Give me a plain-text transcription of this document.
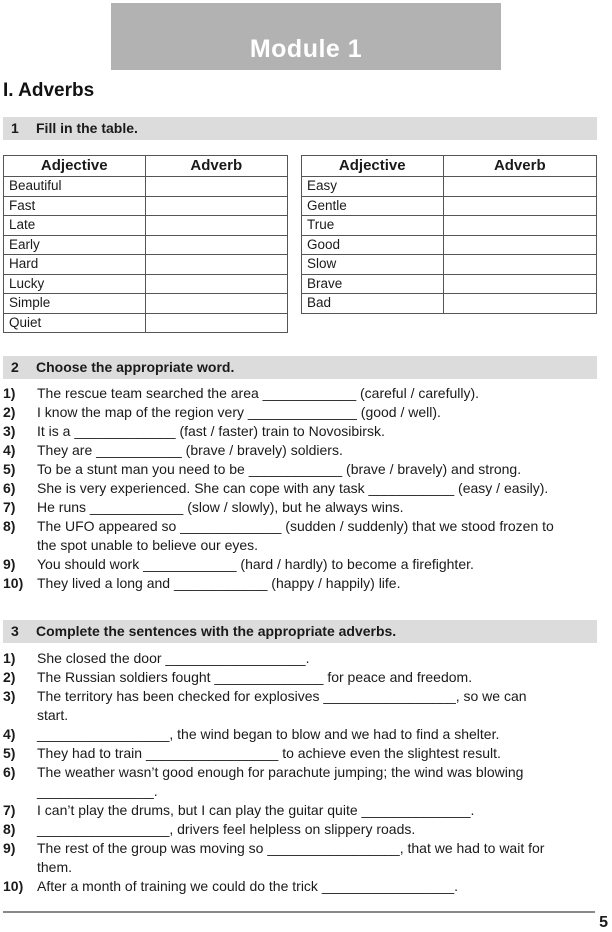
Module 1
I. Adverbs
1 Fill in the table.
Adjective	Adverb
Beautiful	
Fast	
Late	
Early	
Hard	
Lucky	
Simple	
Quiet	
Adjective	Adverb
Easy	
Gentle	
True	
Good	
Slow	
Brave	
Bad	
2 Choose the appropriate word.
1)	The rescue team searched the area ____________ (careful / carefully).
2)	I know the map of the region very ______________ (good / well).
3)	It is a _____________ (fast / faster) train to Novosibirsk.
4)	They are ___________ (brave / bravely) soldiers.
5)	To be a stunt man you need to be ____________ (brave / bravely) and strong.
6)	She is very experienced. She can cope with any task ___________ (easy / easily).
7)	He runs ____________ (slow / slowly), but he always wins.
8)	The UFO appeared so _____________ (sudden / suddenly) that we stood frozen to
the spot unable to believe our eyes.
9)	You should work ____________ (hard / hardly) to become a firefighter.
10) They lived a long and ____________ (happy / happily) life.
3 Complete the sentences with the appropriate adverbs.
1)	She closed the door __________________.
2)	The Russian soldiers fought ______________ for peace and freedom.
3)	The territory has been checked for explosives _________________, so we can
start.
4)	_________________, the wind began to blow and we had to find a shelter.
5)	They had to train _________________ to achieve even the slightest result.
6)	The weather wasn’t good enough for parachute jumping; the wind was blowing
_______________.
7)	I can’t play the drums, but I can play the guitar quite ______________.
8)	_________________, drivers feel helpless on slippery roads.
9)	The rest of the group was moving so _________________, that we had to wait for
them.
10) After a month of training we could do the trick _________________.
5
